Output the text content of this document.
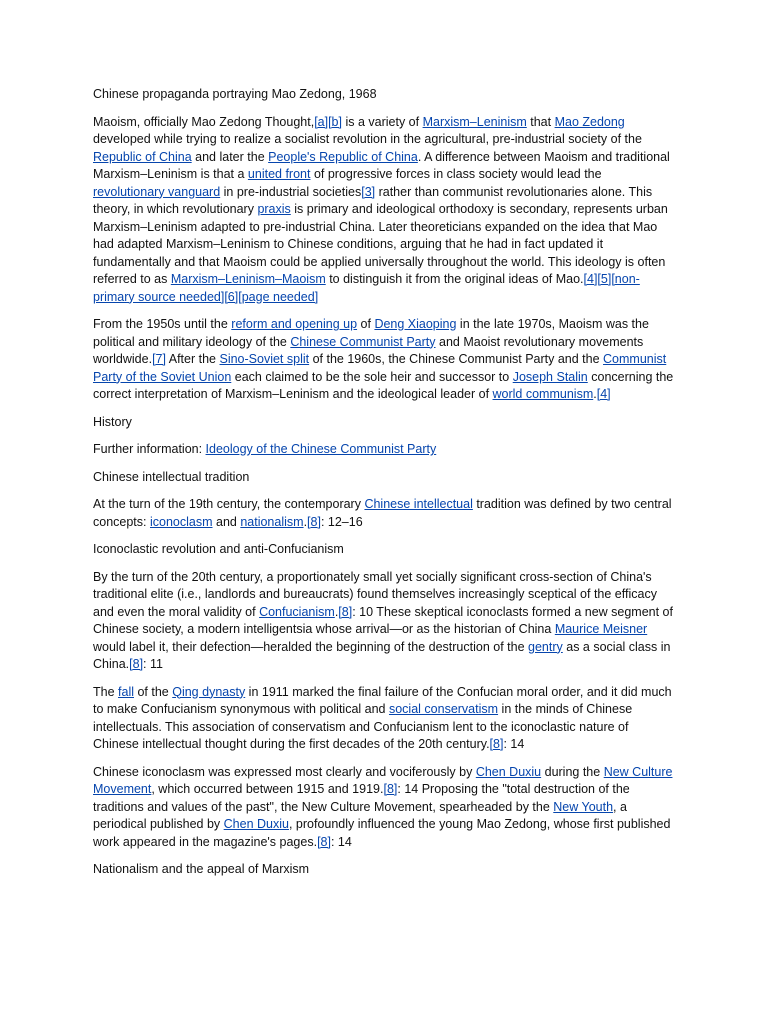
Chinese propaganda portraying Mao Zedong, 1968

Maoism, officially Mao Zedong Thought,[a][b] is a variety of Marxism–Leninism that Mao Zedong developed while trying to realize a socialist revolution in the agricultural, pre-industrial society of the Republic of China and later the People's Republic of China. A difference between Maoism and traditional Marxism–Leninism is that a united front of progressive forces in class society would lead the revolutionary vanguard in pre-industrial societies[3] rather than communist revolutionaries alone. This theory, in which revolutionary praxis is primary and ideological orthodoxy is secondary, represents urban Marxism–Leninism adapted to pre-industrial China. Later theoreticians expanded on the idea that Mao had adapted Marxism–Leninism to Chinese conditions, arguing that he had in fact updated it fundamentally and that Maoism could be applied universally throughout the world. This ideology is often referred to as Marxism–Leninism–Maoism to distinguish it from the original ideas of Mao.[4][5][non-primary source needed][6][page needed]

From the 1950s until the reform and opening up of Deng Xiaoping in the late 1970s, Maoism was the political and military ideology of the Chinese Communist Party and Maoist revolutionary movements worldwide.[7] After the Sino-Soviet split of the 1960s, the Chinese Communist Party and the Communist Party of the Soviet Union each claimed to be the sole heir and successor to Joseph Stalin concerning the correct interpretation of Marxism–Leninism and the ideological leader of world communism.[4]

History

Further information: Ideology of the Chinese Communist Party

Chinese intellectual tradition

At the turn of the 19th century, the contemporary Chinese intellectual tradition was defined by two central concepts: iconoclasm and nationalism.[8]: 12–16

Iconoclastic revolution and anti-Confucianism

By the turn of the 20th century, a proportionately small yet socially significant cross-section of China's traditional elite (i.e., landlords and bureaucrats) found themselves increasingly sceptical of the efficacy and even the moral validity of Confucianism.[8]: 10 These skeptical iconoclasts formed a new segment of Chinese society, a modern intelligentsia whose arrival—or as the historian of China Maurice Meisner would label it, their defection—heralded the beginning of the destruction of the gentry as a social class in China.[8]: 11

The fall of the Qing dynasty in 1911 marked the final failure of the Confucian moral order, and it did much to make Confucianism synonymous with political and social conservatism in the minds of Chinese intellectuals. This association of conservatism and Confucianism lent to the iconoclastic nature of Chinese intellectual thought during the first decades of the 20th century.[8]: 14

Chinese iconoclasm was expressed most clearly and vociferously by Chen Duxiu during the New Culture Movement, which occurred between 1915 and 1919.[8]: 14 Proposing the "total destruction of the traditions and values of the past", the New Culture Movement, spearheaded by the New Youth, a periodical published by Chen Duxiu, profoundly influenced the young Mao Zedong, whose first published work appeared in the magazine's pages.[8]: 14

Nationalism and the appeal of Marxism
